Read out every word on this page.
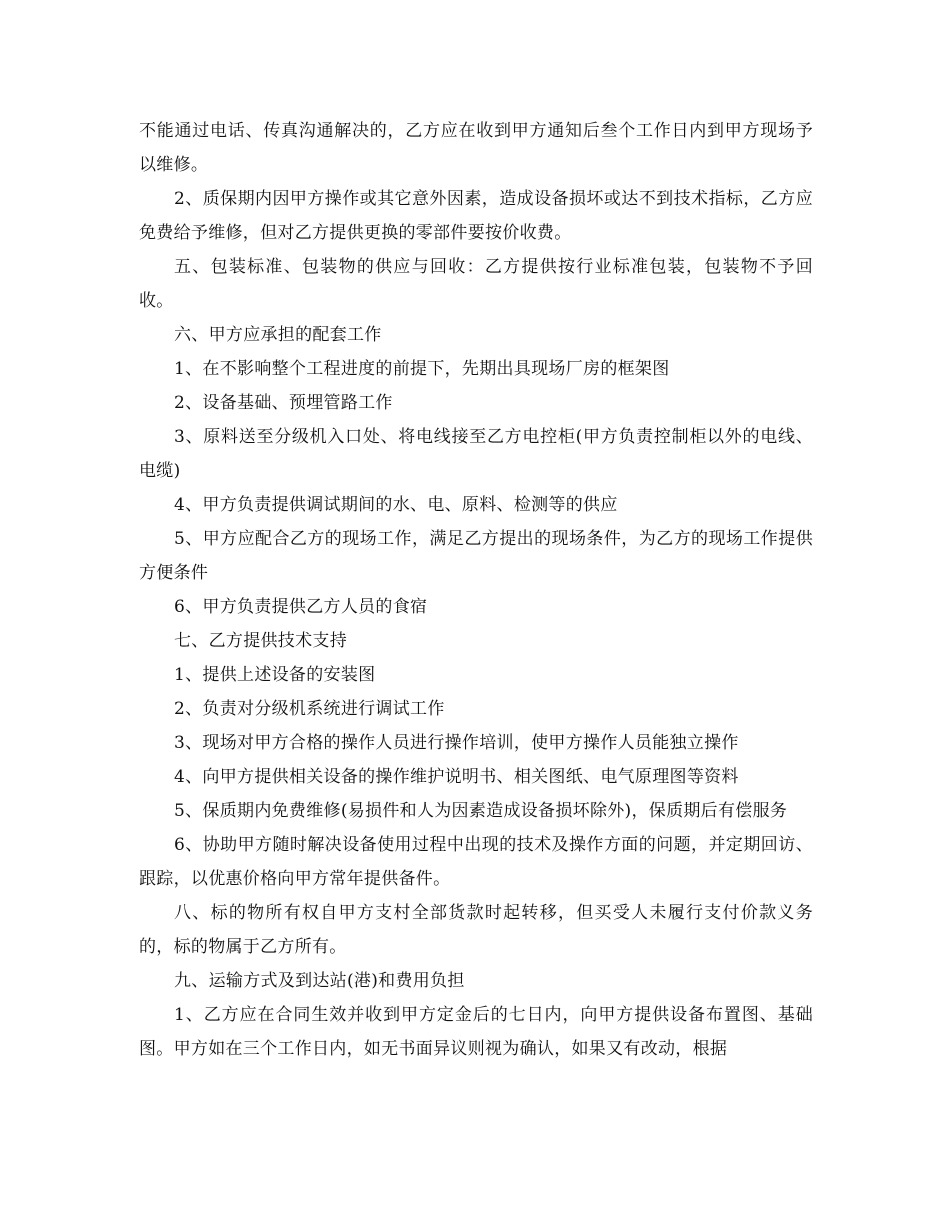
不能通过电话、传真沟通解决的，乙方应在收到甲方通知后叁个工作日内到甲方现场予以维修。

2、质保期内因甲方操作或其它意外因素，造成设备损坏或达不到技术指标，乙方应免费给予维修，但对乙方提供更换的零部件要按价收费。

五、包装标准、包装物的供应与回收：乙方提供按行业标准包装，包装物不予回收。

六、甲方应承担的配套工作

1、在不影响整个工程进度的前提下，先期出具现场厂房的框架图

2、设备基础、预埋管路工作

3、原料送至分级机入口处、将电线接至乙方电控柜(甲方负责控制柜以外的电线、电缆)

4、甲方负责提供调试期间的水、电、原料、检测等的供应

5、甲方应配合乙方的现场工作，满足乙方提出的现场条件，为乙方的现场工作提供方便条件

6、甲方负责提供乙方人员的食宿

七、乙方提供技术支持

1、提供上述设备的安装图

2、负责对分级机系统进行调试工作

3、现场对甲方合格的操作人员进行操作培训，使甲方操作人员能独立操作

4、向甲方提供相关设备的操作维护说明书、相关图纸、电气原理图等资料

5、保质期内免费维修(易损件和人为因素造成设备损坏除外)，保质期后有偿服务

6、协助甲方随时解决设备使用过程中出现的技术及操作方面的问题，并定期回访、跟踪，以优惠价格向甲方常年提供备件。

八、标的物所有权自甲方支村全部货款时起转移，但买受人未履行支付价款义务的，标的物属于乙方所有。

九、运输方式及到达站(港)和费用负担

1、乙方应在合同生效并收到甲方定金后的七日内，向甲方提供设备布置图、基础图。甲方如在三个工作日内，如无书面异议则视为确认，如果又有改动，根据
